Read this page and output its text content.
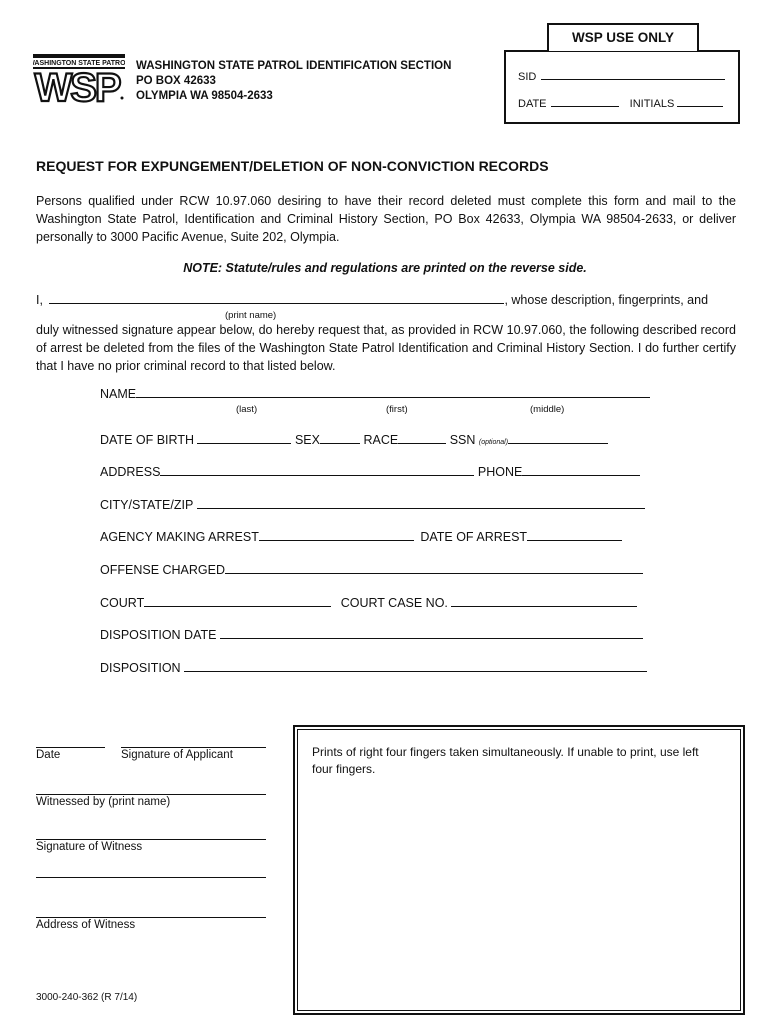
WASHINGTON STATE PATROL
WSP WASHINGTON STATE PATROL IDENTIFICATION SECTION
PO BOX 42633
OLYMPIA WA 98504-2633
SID
DATE	INITIALS
WSP USE ONLY
REQUEST FOR EXPUNGEMENT/DELETION OF NON-CONVICTION RECORDS
Persons qualified under RCW 10.97.060 desiring to have their record deleted must complete this form and mail to the Washington State Patrol, Identification and Criminal History Section, PO Box 42633, Olympia WA 98504-2633, or deliver personally to 3000 Pacific Avenue, Suite 202, Olympia.
NOTE: Statute/rules and regulations are printed on the reverse side.
I,	, whose description, fingerprints, and
(print name)
duly witnessed signature appear below, do hereby request that, as provided in RCW 10.97.060, the following described record of arrest be deleted from the files of the Washington State Patrol Identification and Criminal History Section. I do further certify that I have no prior criminal record to that listed below.
NAME
(last)	(first)	(middle)
DATE OF BIRTH	SEX	RACE	SSN (optional)
ADDRESS	PHONE
CITY/STATE/ZIP
AGENCY MAKING ARREST	DATE OF ARREST
OFFENSE CHARGED
COURT	COURT CASE NO.
DISPOSITION DATE
DISPOSITION
Date	Signature of Applicant
Witnessed by (print name)
Signature of Witness
Address of Witness
Prints of right four fingers taken simultaneously. If unable to print, use left four fingers.
3000-240-362 (R 7/14)
